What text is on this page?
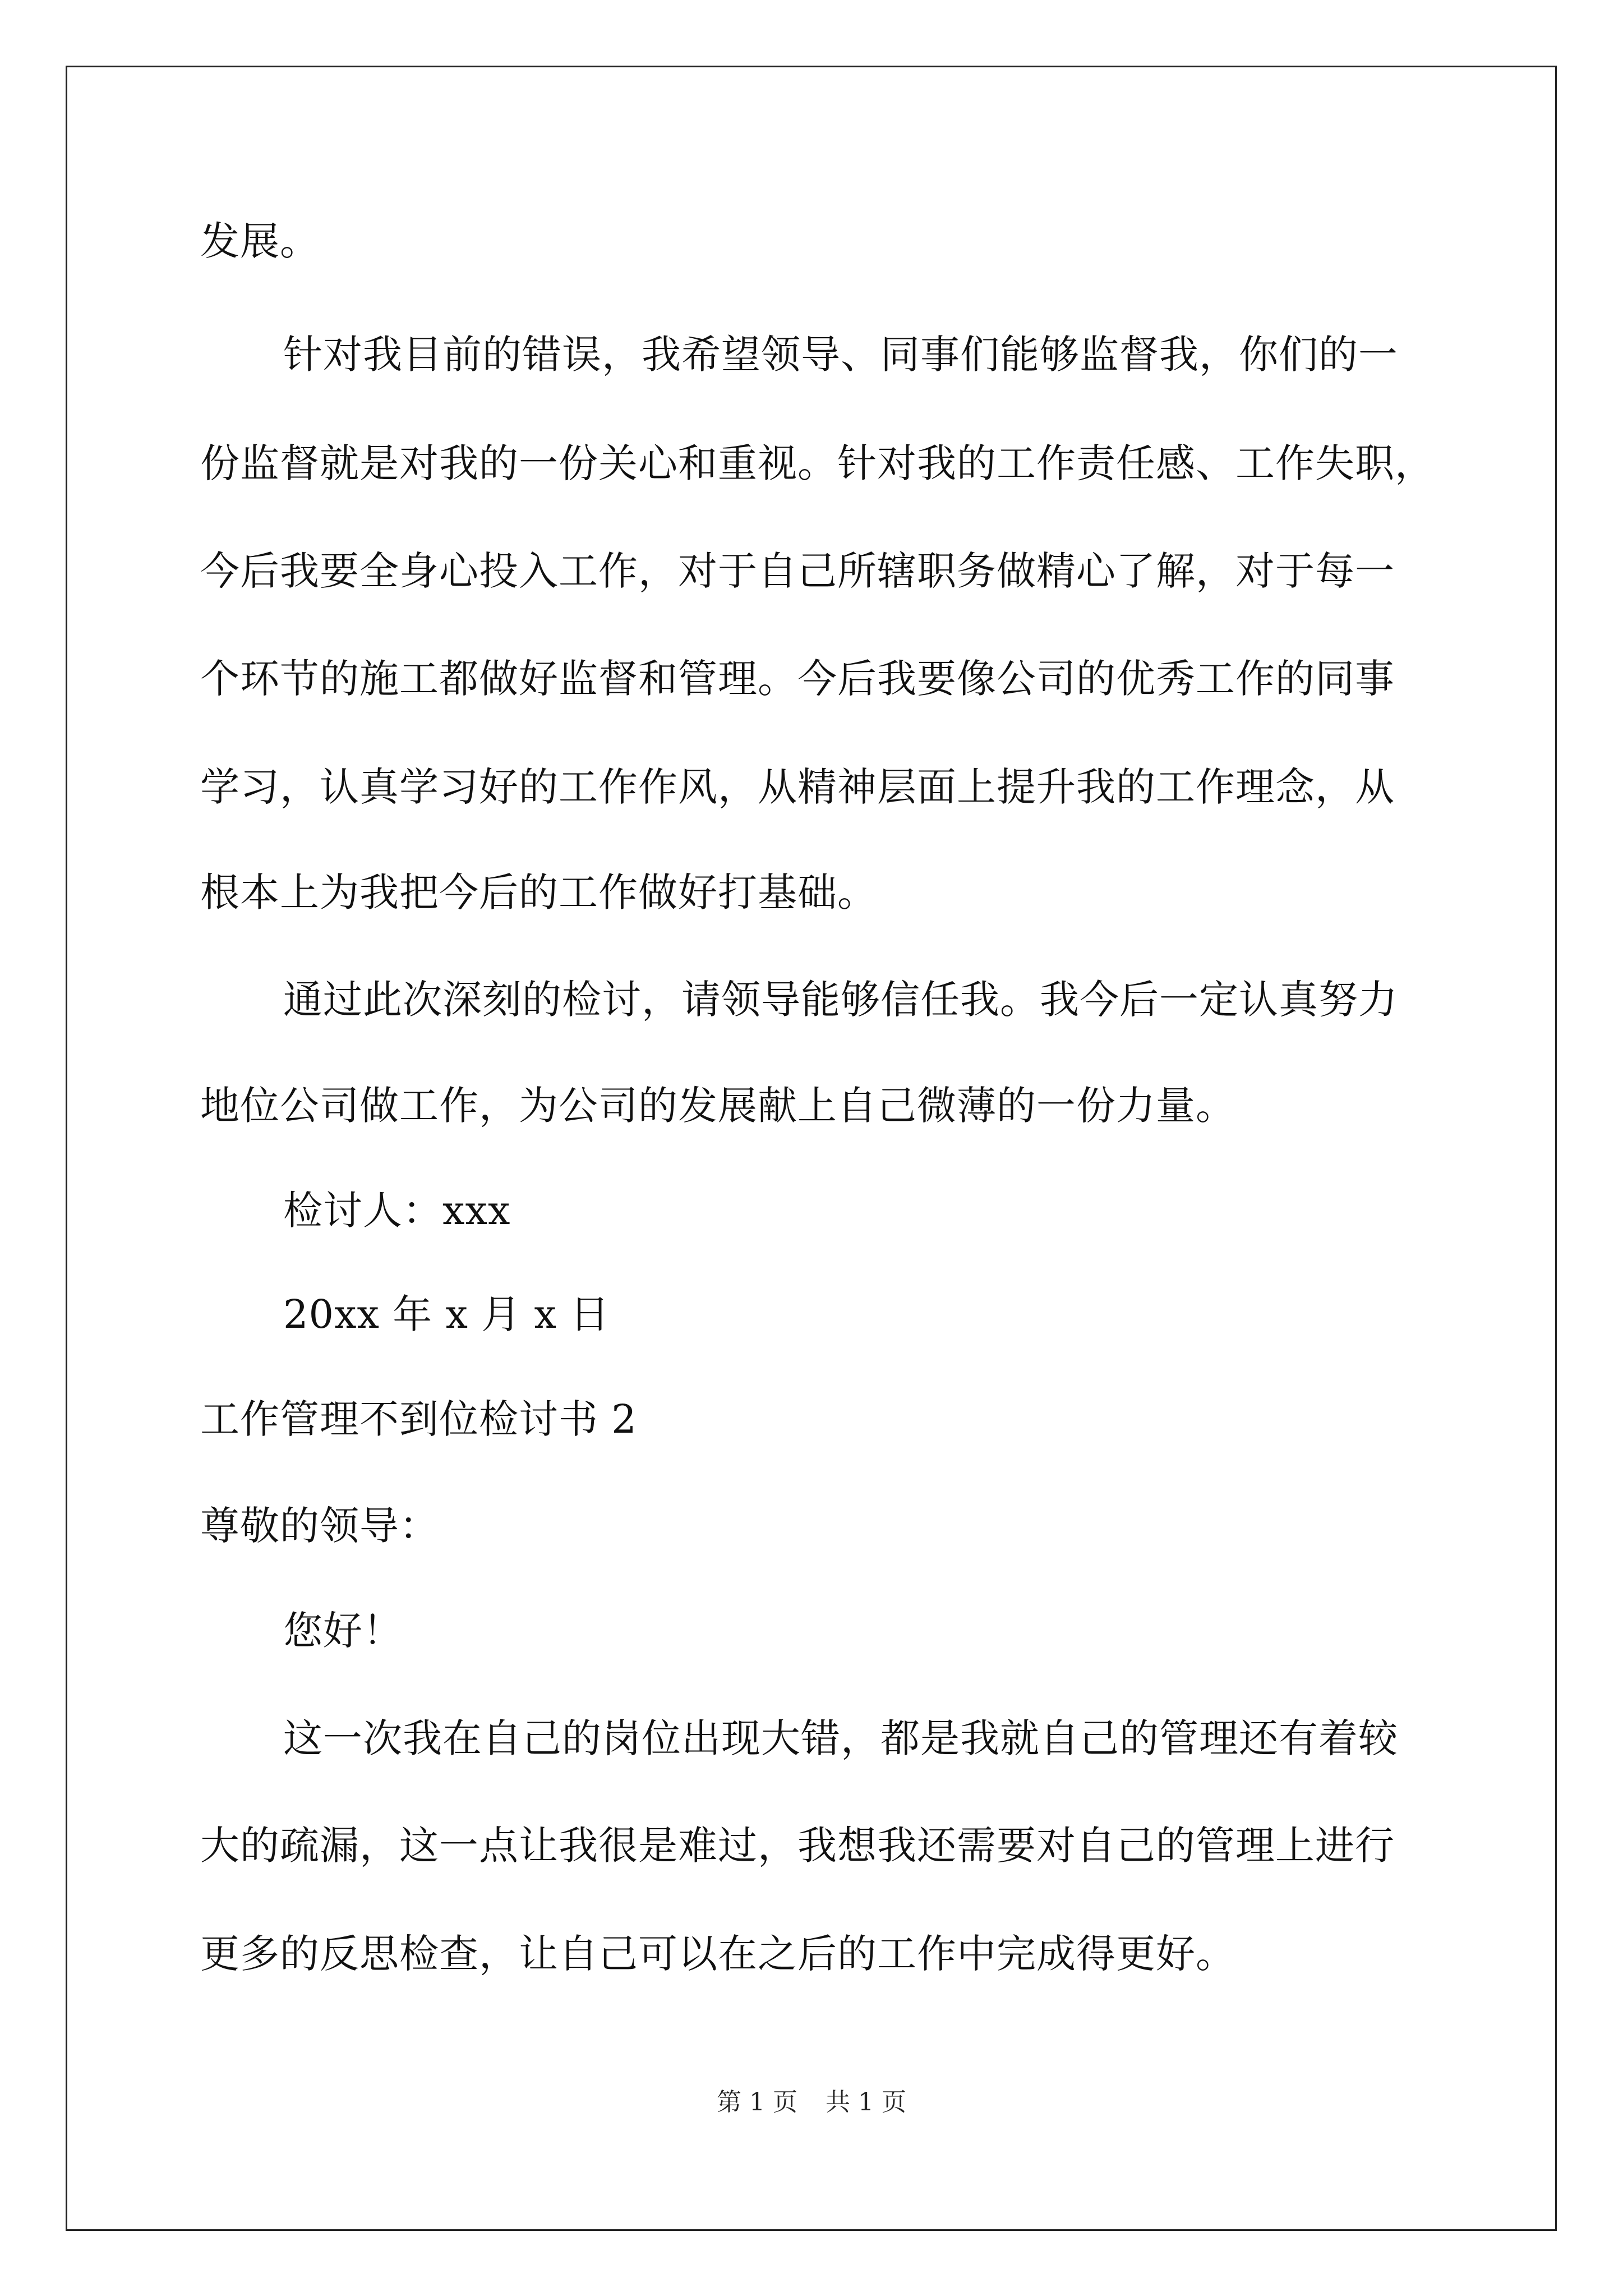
发展。
针对我目前的错误，我希望领导、同事们能够监督我，你们的一
份监督就是对我的一份关心和重视。针对我的工作责任感、工作失职，
今后我要全身心投入工作，对于自己所辖职务做精心了解，对于每一
个环节的施工都做好监督和管理。今后我要像公司的优秀工作的同事
学习，认真学习好的工作作风，从精神层面上提升我的工作理念，从
根本上为我把今后的工作做好打基础。
通过此次深刻的检讨，请领导能够信任我。我今后一定认真努力
地位公司做工作，为公司的发展献上自己微薄的一份力量。
检讨人：xxx
20xx 年 x 月 x 日
工作管理不到位检讨书 2
尊敬的领导：
您好！
这一次我在自己的岗位出现大错，都是我就自己的管理还有着较
大的疏漏，这一点让我很是难过，我想我还需要对自己的管理上进行
更多的反思检查，让自己可以在之后的工作中完成得更好。
第 1 页 共 1 页
